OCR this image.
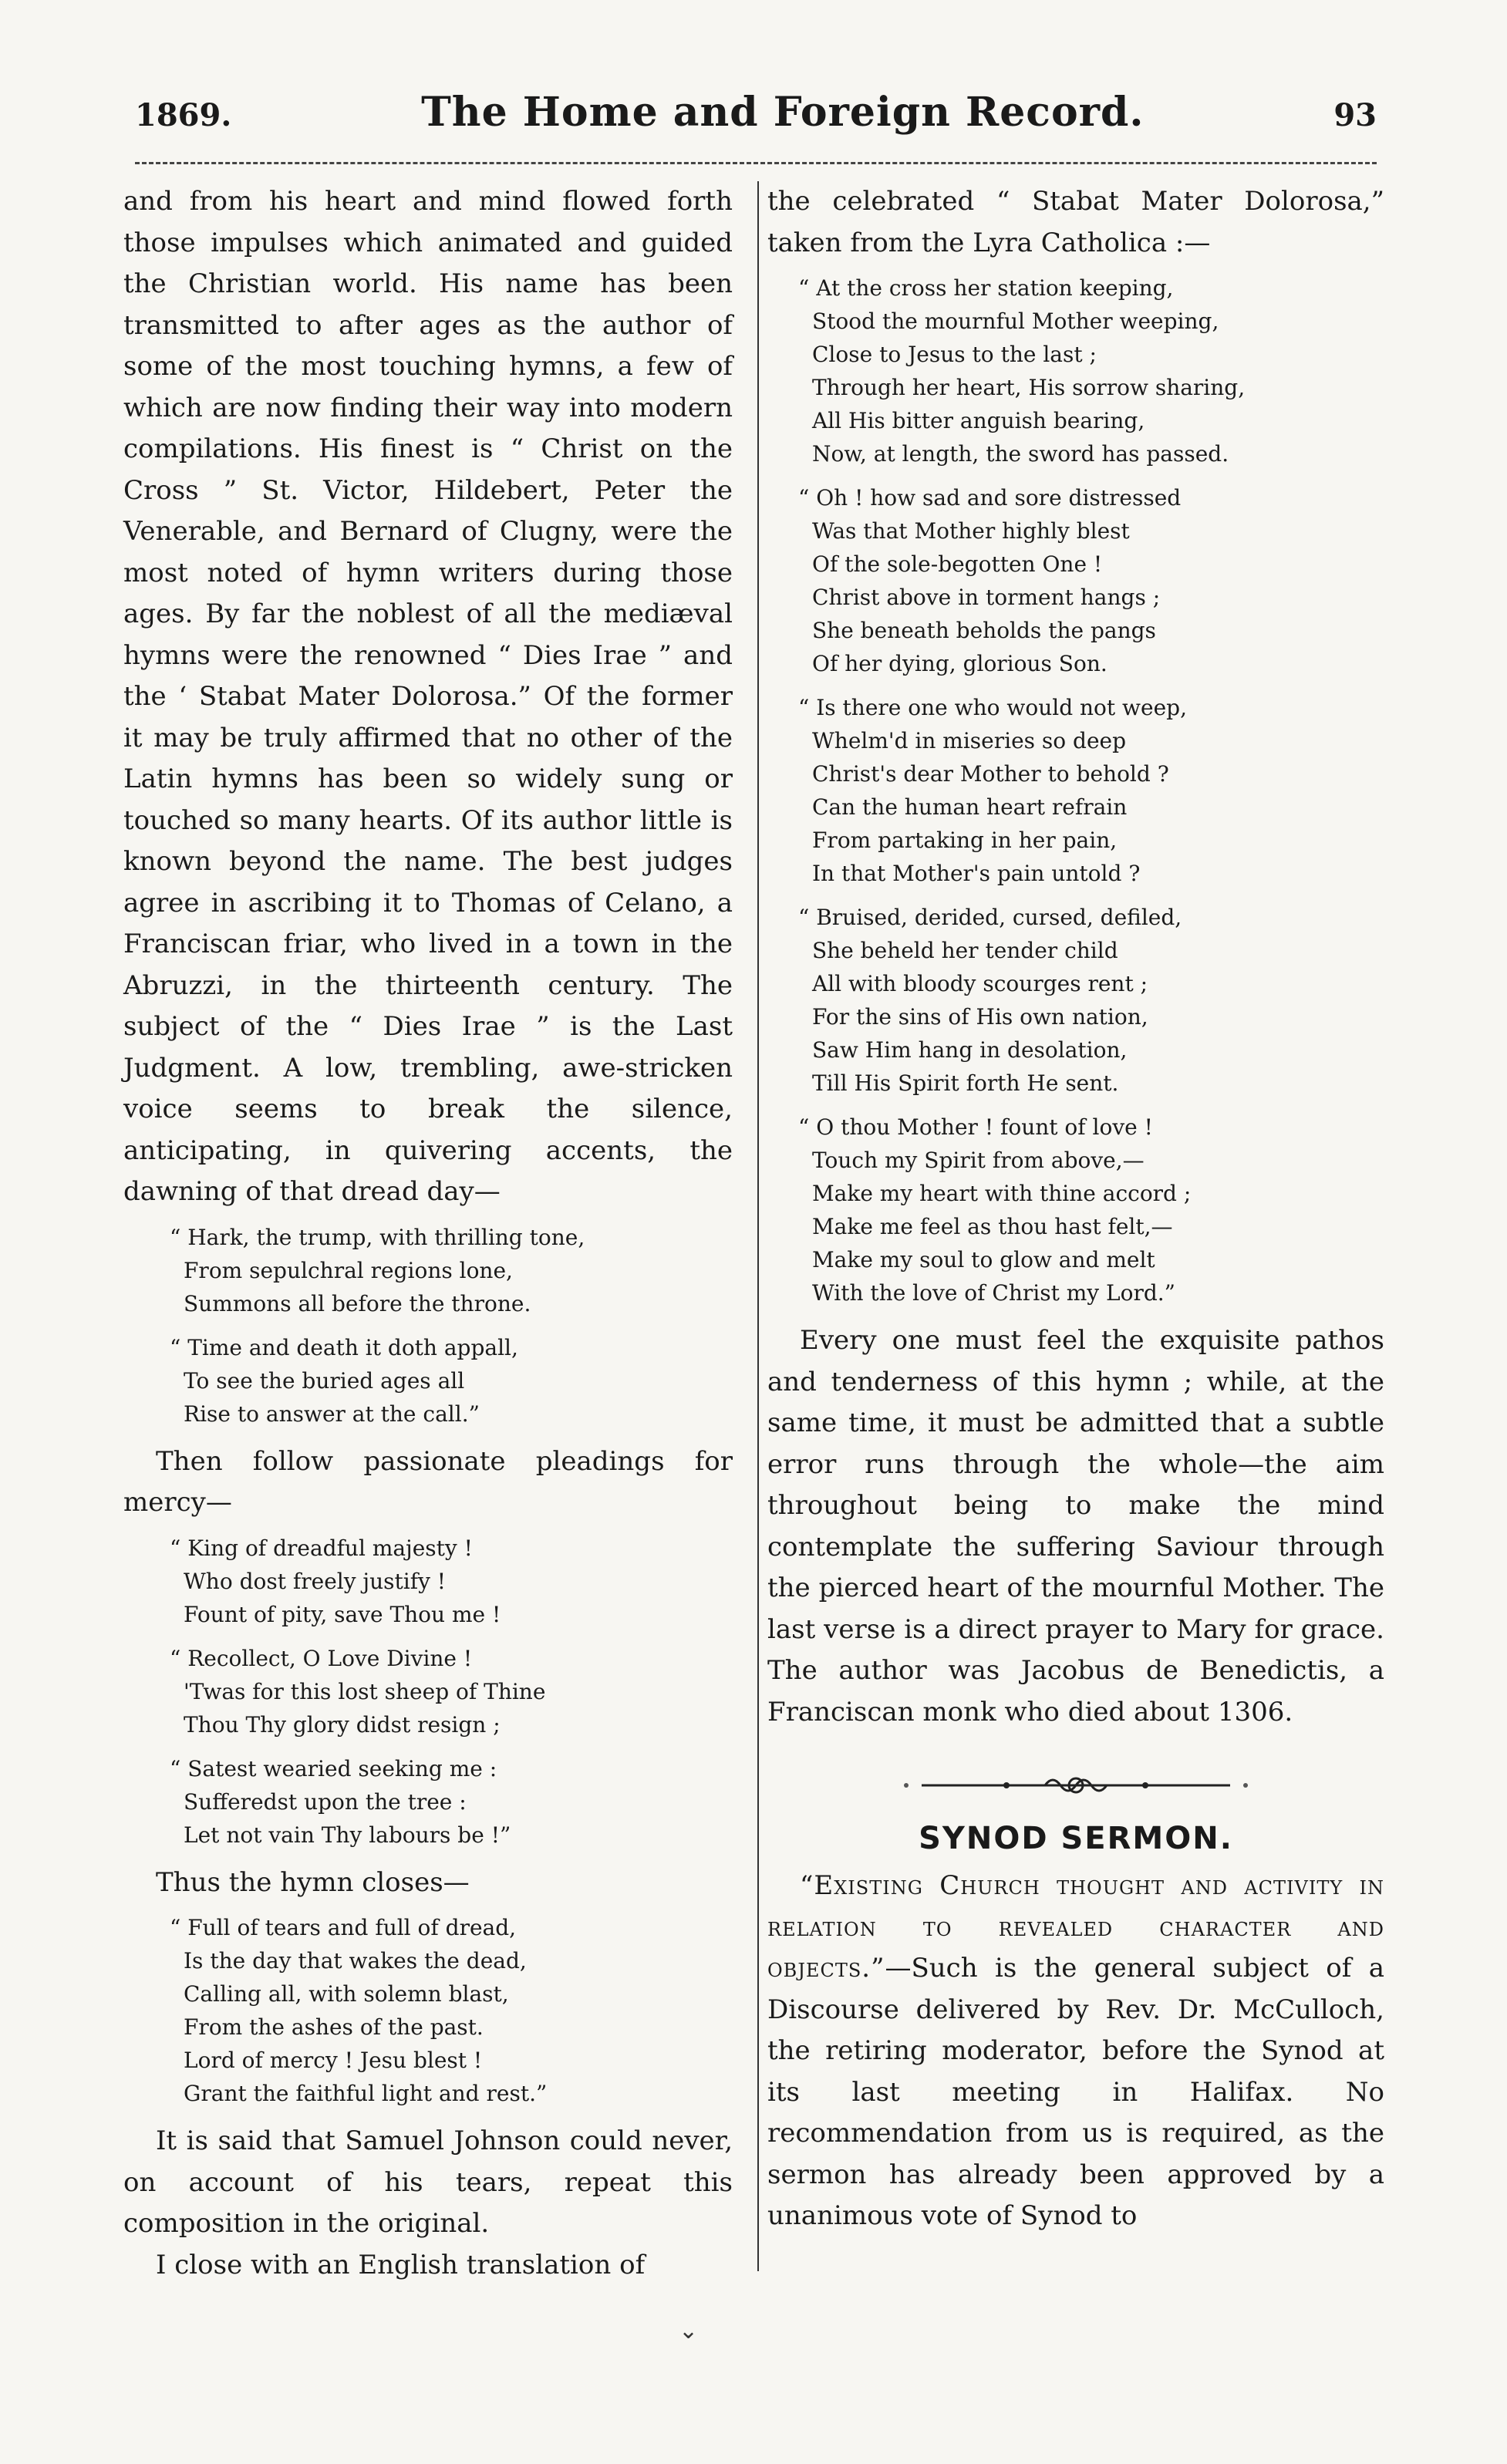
1869.	The Home and Foreign Record.	93

and from his heart and mind flowed forth those impulses which animated and guided the Christian world. His name has been transmitted to after ages as the author of some of the most touching hymns, a few of which are now finding their way into modern compilations. His finest is “ Christ on the Cross ” St. Victor, Hildebert, Peter the Venerable, and Bernard of Clugny, were the most noted of hymn writers during those ages. By far the noblest of all the mediæval hymns were the renowned “ Dies Irae ” and the ‘ Stabat Mater Dolorosa.” Of the former it may be truly affirmed that no other of the Latin hymns has been so widely sung or touched so many hearts. Of its author little is known beyond the name. The best judges agree in ascribing it to Thomas of Celano, a Franciscan friar, who lived in a town in the Abruzzi, in the thirteenth century. The subject of the “ Dies Irae ” is the Last Judgment. A low, trembling, awe-stricken voice seems to break the silence, anticipating, in quivering accents, the dawning of that dread day—

“ Hark, the trump, with thrilling tone,
From sepulchral regions lone,
Summons all before the throne.
“ Time and death it doth appall,
To see the buried ages all
Rise to answer at the call.”

Then follow passionate pleadings for mercy—

“ King of dreadful majesty !
Who dost freely justify !
Fount of pity, save Thou me !
“ Recollect, O Love Divine !
'Twas for this lost sheep of Thine
Thou Thy glory didst resign ;
“ Satest wearied seeking me :
Sufferedst upon the tree :
Let not vain Thy labours be !”

Thus the hymn closes—

“ Full of tears and full of dread,
Is the day that wakes the dead,
Calling all, with solemn blast,
From the ashes of the past.
Lord of mercy ! Jesu blest !
Grant the faithful light and rest.”

It is said that Samuel Johnson could never, on account of his tears, repeat this composition in the original.

I close with an English translation of

the celebrated “ Stabat Mater Dolorosa,” taken from the Lyra Catholica :—

“ At the cross her station keeping,
Stood the mournful Mother weeping,
Close to Jesus to the last ;
Through her heart, His sorrow sharing,
All His bitter anguish bearing,
Now, at length, the sword has passed.
“ Oh ! how sad and sore distressed
Was that Mother highly blest
Of the sole-begotten One !
Christ above in torment hangs ;
She beneath beholds the pangs
Of her dying, glorious Son.
“ Is there one who would not weep,
Whelm'd in miseries so deep
Christ's dear Mother to behold ?
Can the human heart refrain
From partaking in her pain,
In that Mother's pain untold ?
“ Bruised, derided, cursed, defiled,
She beheld her tender child
All with bloody scourges rent ;
For the sins of His own nation,
Saw Him hang in desolation,
Till His Spirit forth He sent.
“ O thou Mother ! fount of love !
Touch my Spirit from above,—
Make my heart with thine accord ;
Make me feel as thou hast felt,—
Make my soul to glow and melt
With the love of Christ my Lord.”

Every one must feel the exquisite pathos and tenderness of this hymn ; while, at the same time, it must be admitted that a subtle error runs through the whole—the aim throughout being to make the mind contemplate the suffering Saviour through the pierced heart of the mournful Mother. The last verse is a direct prayer to Mary for grace. The author was Jacobus de Benedictis, a Franciscan monk who died about 1306.

SYNOD SERMON.

“Existing Church thought and activity in relation to revealed character and objects.”—Such is the general subject of a Discourse delivered by Rev. Dr. McCulloch, the retiring moderator, before the Synod at its last meeting in Halifax. No recommendation from us is required, as the sermon has already been approved by a unanimous vote of Synod to

⌄
